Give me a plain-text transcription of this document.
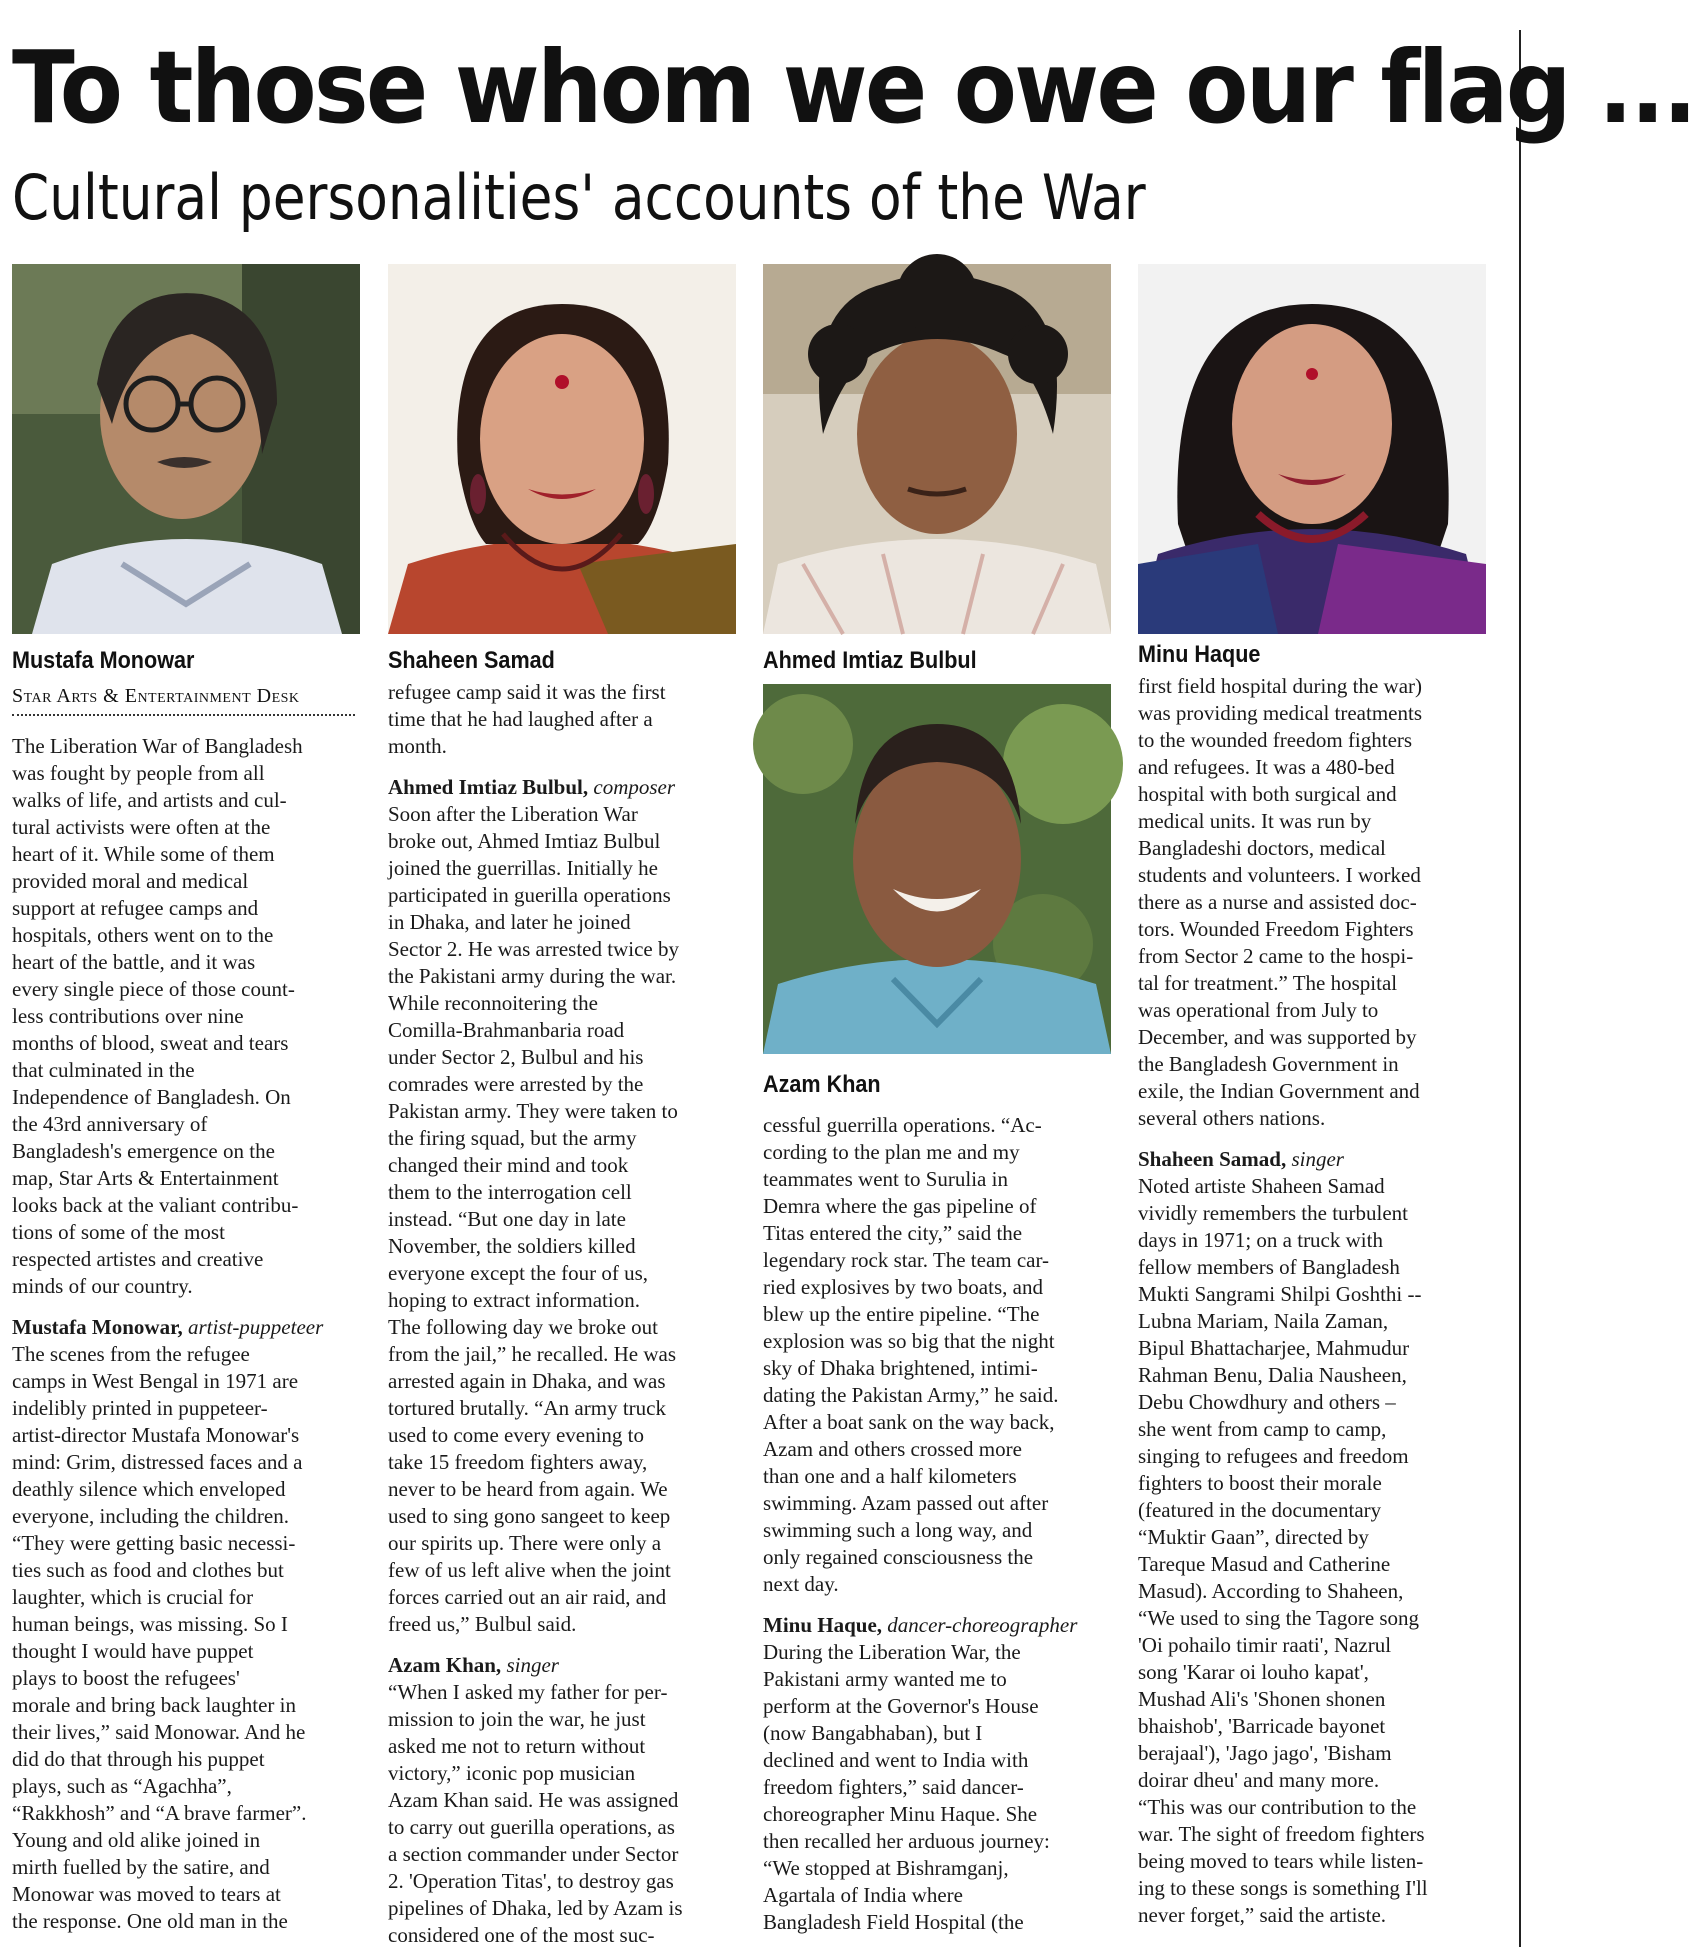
To those whom we owe our flag ...
Cultural personalities' accounts of the War
Mustafa Monowar	Shaheen Samad	Ahmed Imtiaz Bulbul	Minu Haque
Azam Khan
Star Arts & Entertainment Desk

The Liberation War of Bangladesh
was fought by people from all
walks of life, and artists and cul-
tural activists were often at the
heart of it. While some of them
provided moral and medical
support at refugee camps and
hospitals, others went on to the
heart of the battle, and it was
every single piece of those count-
less contributions over nine
months of blood, sweat and tears
that culminated in the
Independence of Bangladesh. On
the 43rd anniversary of
Bangladesh's emergence on the
map, Star Arts & Entertainment
looks back at the valiant contribu-
tions of some of the most
respected artistes and creative
minds of our country.

Mustafa Monowar, artist-puppeteer
The scenes from the refugee
camps in West Bengal in 1971 are
indelibly printed in puppeteer-
artist-director Mustafa Monowar's
mind: Grim, distressed faces and a
deathly silence which enveloped
everyone, including the children.
“They were getting basic necessi-
ties such as food and clothes but
laughter, which is crucial for
human beings, was missing. So I
thought I would have puppet
plays to boost the refugees'
morale and bring back laughter in
their lives,” said Monowar. And he
did do that through his puppet
plays, such as “Agachha”,
“Rakkhosh” and “A brave farmer”.
Young and old alike joined in
mirth fuelled by the satire, and
Monowar was moved to tears at
the response. One old man in the

refugee camp said it was the first
time that he had laughed after a
month.

Ahmed Imtiaz Bulbul, composer
Soon after the Liberation War
broke out, Ahmed Imtiaz Bulbul
joined the guerrillas. Initially he
participated in guerilla operations
in Dhaka, and later he joined
Sector 2. He was arrested twice by
the Pakistani army during the war.
While reconnoitering the
Comilla-Brahmanbaria road
under Sector 2, Bulbul and his
comrades were arrested by the
Pakistan army. They were taken to
the firing squad, but the army
changed their mind and took
them to the interrogation cell
instead. “But one day in late
November, the soldiers killed
everyone except the four of us,
hoping to extract information.
The following day we broke out
from the jail,” he recalled. He was
arrested again in Dhaka, and was
tortured brutally. “An army truck
used to come every evening to
take 15 freedom fighters away,
never to be heard from again. We
used to sing gono sangeet to keep
our spirits up. There were only a
few of us left alive when the joint
forces carried out an air raid, and
freed us,” Bulbul said.

Azam Khan, singer
“When I asked my father for per-
mission to join the war, he just
asked me not to return without
victory,” iconic pop musician
Azam Khan said. He was assigned
to carry out guerilla operations, as
a section commander under Sector
2. 'Operation Titas', to destroy gas
pipelines of Dhaka, led by Azam is
considered one of the most suc-

cessful guerrilla operations. “Ac-
cording to the plan me and my
teammates went to Surulia in
Demra where the gas pipeline of
Titas entered the city,” said the
legendary rock star. The team car-
ried explosives by two boats, and
blew up the entire pipeline. “The
explosion was so big that the night
sky of Dhaka brightened, intimi-
dating the Pakistan Army,” he said.
After a boat sank on the way back,
Azam and others crossed more
than one and a half kilometers
swimming. Azam passed out after
swimming such a long way, and
only regained consciousness the
next day.

Minu Haque, dancer-choreographer
During the Liberation War, the
Pakistani army wanted me to
perform at the Governor's House
(now Bangabhaban), but I
declined and went to India with
freedom fighters,” said dancer-
choreographer Minu Haque. She
then recalled her arduous journey:
“We stopped at Bishramganj,
Agartala of India where
Bangladesh Field Hospital (the

first field hospital during the war)
was providing medical treatments
to the wounded freedom fighters
and refugees. It was a 480-bed
hospital with both surgical and
medical units. It was run by
Bangladeshi doctors, medical
students and volunteers. I worked
there as a nurse and assisted doc-
tors. Wounded Freedom Fighters
from Sector 2 came to the hospi-
tal for treatment.” The hospital
was operational from July to
December, and was supported by
the Bangladesh Government in
exile, the Indian Government and
several others nations.

Shaheen Samad, singer
Noted artiste Shaheen Samad
vividly remembers the turbulent
days in 1971; on a truck with
fellow members of Bangladesh
Mukti Sangrami Shilpi Goshthi --
Lubna Mariam, Naila Zaman,
Bipul Bhattacharjee, Mahmudur
Rahman Benu, Dalia Nausheen,
Debu Chowdhury and others –
she went from camp to camp,
singing to refugees and freedom
fighters to boost their morale
(featured in the documentary
“Muktir Gaan”, directed by
Tareque Masud and Catherine
Masud). According to Shaheen,
“We used to sing the Tagore song
'Oi pohailo timir raati', Nazrul
song 'Karar oi louho kapat',
Mushad Ali's 'Shonen shonen
bhaishob', 'Barricade bayonet
berajaal'), 'Jago jago', 'Bisham
doirar dheu' and many more.
“This was our contribution to the
war. The sight of freedom fighters
being moved to tears while listen-
ing to these songs is something I'll
never forget,” said the artiste.
